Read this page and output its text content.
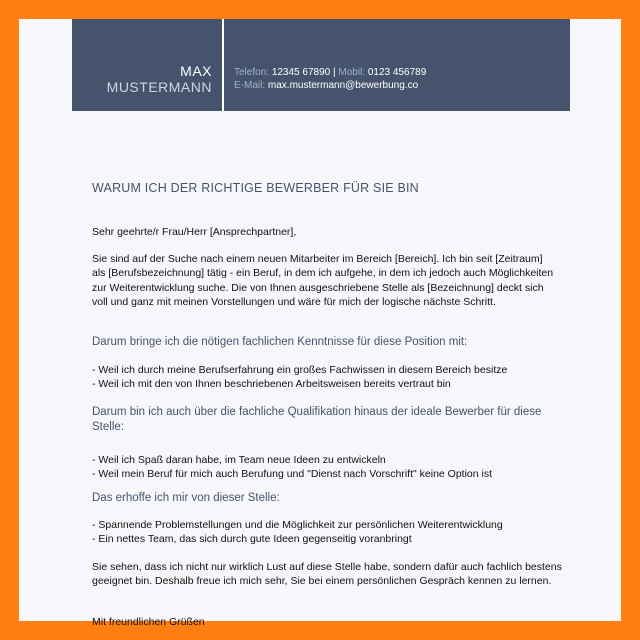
MAX
MUSTERMANN
Telefon: 12345 67890 | Mobil: 0123 456789
E-Mail: max.mustermann@bewerbung.co
WARUM ICH DER RICHTIGE BEWERBER FÜR SIE BIN

Sehr geehrte/r Frau/Herr [Ansprechpartner],

Sie sind auf der Suche nach einem neuen Mitarbeiter im Bereich [Bereich]. Ich bin seit [Zeitraum] als [Berufsbezeichnung] tätig - ein Beruf, in dem ich aufgehe, in dem ich jedoch auch Möglichkeiten zur Weiterentwicklung suche. Die von Ihnen ausgeschriebene Stelle als [Bezeichnung] deckt sich voll und ganz mit meinen Vorstellungen und wäre für mich der logische nächste Schritt.

Darum bringe ich die nötigen fachlichen Kenntnisse für diese Position mit:
- Weil ich durch meine Berufserfahrung ein großes Fachwissen in diesem Bereich besitze
- Weil ich mit den von Ihnen beschriebenen Arbeitsweisen bereits vertraut bin
Darum bin ich auch über die fachliche Qualifikation hinaus der ideale Bewerber für diese Stelle:
- Weil ich Spaß daran habe, im Team neue Ideen zu entwickeln
- Weil mein Beruf für mich auch Berufung und "Dienst nach Vorschrift" keine Option ist
Das erhoffe ich mir von dieser Stelle:
- Spannende Problemstellungen und die Möglichkeit zur persönlichen Weiterentwicklung
- Ein nettes Team, das sich durch gute Ideen gegenseitig voranbringt

Sie sehen, dass ich nicht nur wirklich Lust auf diese Stelle habe, sondern dafür auch fachlich bestens geeignet bin. Deshalb freue ich mich sehr, Sie bei einem persönlichen Gespräch kennen zu lernen.

Mit freundlichen Grüßen
